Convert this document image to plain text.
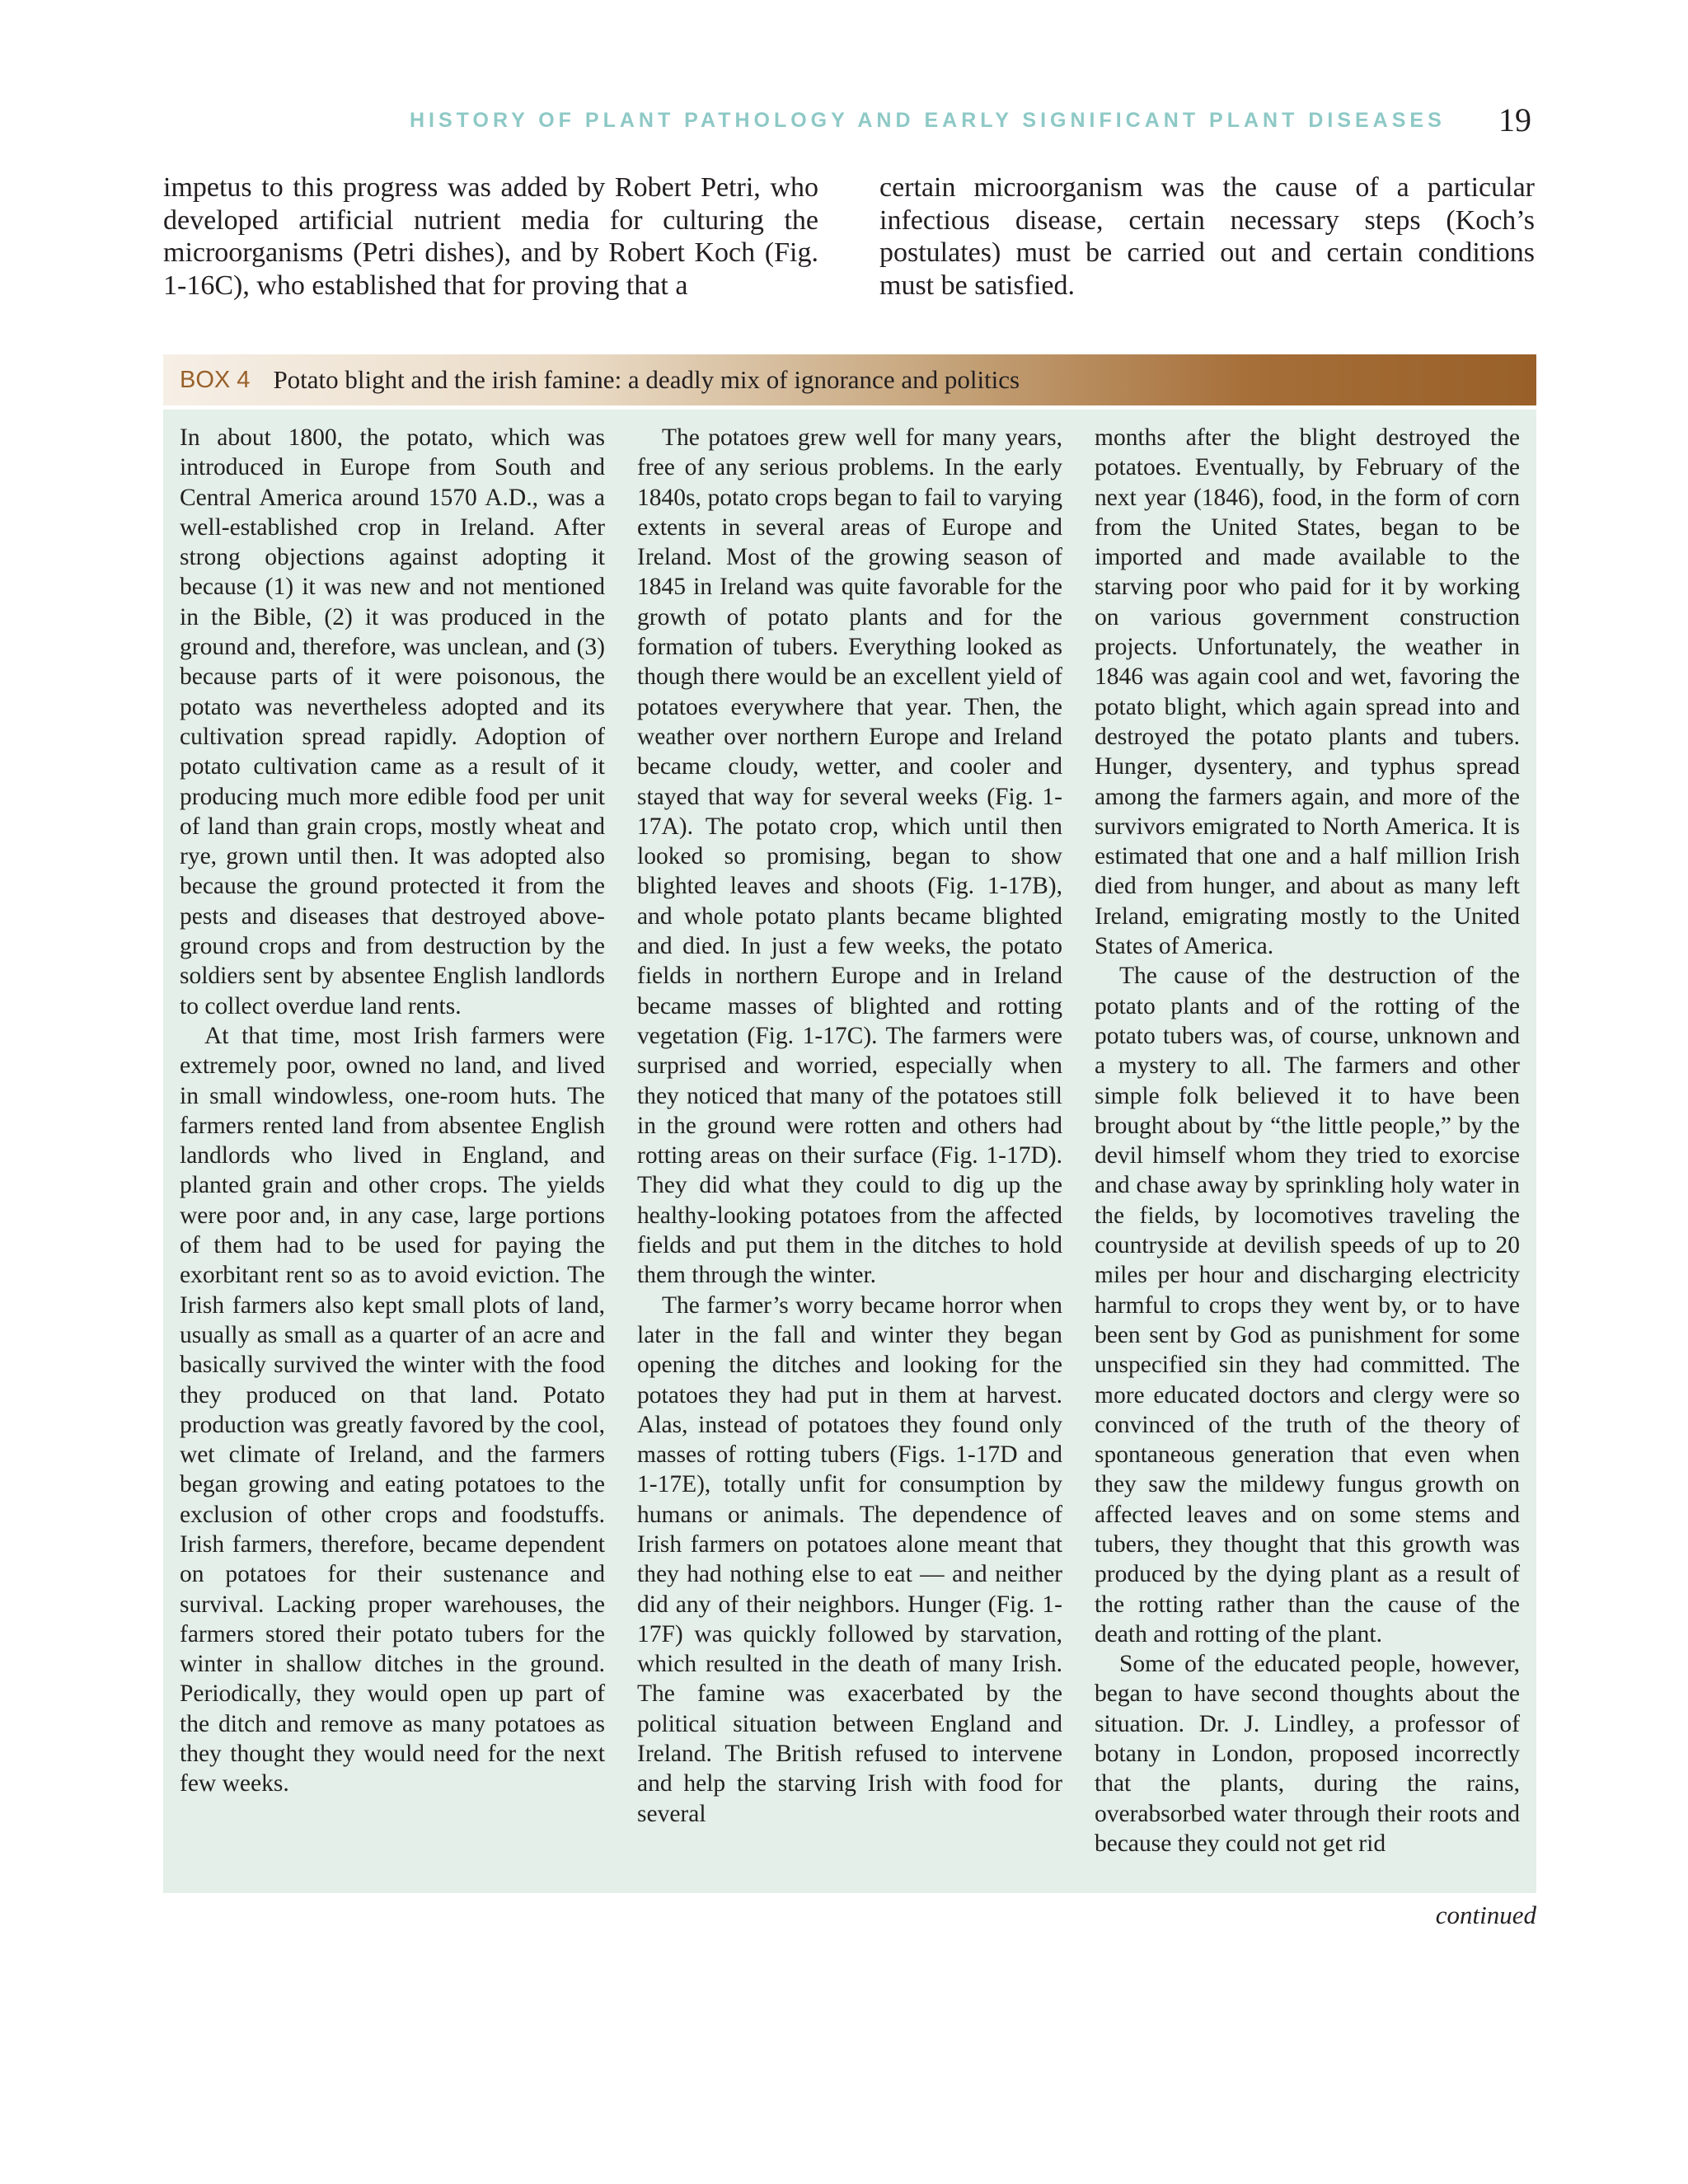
HISTORY OF PLANT PATHOLOGY AND EARLY SIGNIFICANT PLANT DISEASES 19
impetus to this progress was added by Robert Petri, who developed artificial nutrient media for culturing the microorganisms (Petri dishes), and by Robert Koch (Fig. 1-16C), who established that for proving that a
certain microorganism was the cause of a particular infectious disease, certain necessary steps (Koch’s postulates) must be carried out and certain conditions must be satisfied.
BOX 4 Potato blight and the irish famine: a deadly mix of ignorance and politics

In about 1800, the potato, which was introduced in Europe from South and Central America around 1570 A.D., was a well-established crop in Ireland. After strong objections against adopting it because (1) it was new and not mentioned in the Bible, (2) it was produced in the ground and, therefore, was unclean, and (3) because parts of it were poisonous, the potato was nevertheless adopted and its cultivation spread rapidly. Adoption of potato cultivation came as a result of it producing much more edible food per unit of land than grain crops, mostly wheat and rye, grown until then. It was adopted also because the ground protected it from the pests and diseases that destroyed above-ground crops and from destruction by the soldiers sent by absentee English landlords to collect overdue land rents.

At that time, most Irish farmers were extremely poor, owned no land, and lived in small windowless, one-room huts. The farmers rented land from absentee English landlords who lived in England, and planted grain and other crops. The yields were poor and, in any case, large portions of them had to be used for paying the exorbitant rent so as to avoid eviction. The Irish farmers also kept small plots of land, usually as small as a quarter of an acre and basically survived the winter with the food they produced on that land. Potato production was greatly favored by the cool, wet climate of Ireland, and the farmers began growing and eating potatoes to the exclusion of other crops and foodstuffs. Irish farmers, therefore, became dependent on potatoes for their sustenance and survival. Lacking proper warehouses, the farmers stored their potato tubers for the winter in shallow ditches in the ground. Periodically, they would open up part of the ditch and remove as many potatoes as they thought they would need for the next few weeks.

The potatoes grew well for many years, free of any serious problems. In the early 1840s, potato crops began to fail to varying extents in several areas of Europe and Ireland. Most of the growing season of 1845 in Ireland was quite favorable for the growth of potato plants and for the formation of tubers. Everything looked as though there would be an excellent yield of potatoes everywhere that year. Then, the weather over northern Europe and Ireland became cloudy, wetter, and cooler and stayed that way for several weeks (Fig. 1-17A). The potato crop, which until then looked so promising, began to show blighted leaves and shoots (Fig. 1-17B), and whole potato plants became blighted and died. In just a few weeks, the potato fields in northern Europe and in Ireland became masses of blighted and rotting vegetation (Fig. 1-17C). The farmers were surprised and worried, especially when they noticed that many of the potatoes still in the ground were rotten and others had rotting areas on their surface (Fig. 1-17D). They did what they could to dig up the healthy-looking potatoes from the affected fields and put them in the ditches to hold them through the winter.

The farmer’s worry became horror when later in the fall and winter they began opening the ditches and looking for the potatoes they had put in them at harvest. Alas, instead of potatoes they found only masses of rotting tubers (Figs. 1-17D and 1-17E), totally unfit for consumption by humans or animals. The dependence of Irish farmers on potatoes alone meant that they had nothing else to eat — and neither did any of their neighbors. Hunger (Fig. 1-17F) was quickly followed by starvation, which resulted in the death of many Irish. The famine was exacerbated by the political situation between England and Ireland. The British refused to intervene and help the starving Irish with food for several

months after the blight destroyed the potatoes. Eventually, by February of the next year (1846), food, in the form of corn from the United States, began to be imported and made available to the starving poor who paid for it by working on various government construction projects. Unfortunately, the weather in 1846 was again cool and wet, favoring the potato blight, which again spread into and destroyed the potato plants and tubers. Hunger, dysentery, and typhus spread among the farmers again, and more of the survivors emigrated to North America. It is estimated that one and a half million Irish died from hunger, and about as many left Ireland, emigrating mostly to the United States of America.

The cause of the destruction of the potato plants and of the rotting of the potato tubers was, of course, unknown and a mystery to all. The farmers and other simple folk believed it to have been brought about by “the little people,” by the devil himself whom they tried to exorcise and chase away by sprinkling holy water in the fields, by locomotives traveling the countryside at devilish speeds of up to 20 miles per hour and discharging electricity harmful to crops they went by, or to have been sent by God as punishment for some unspecified sin they had committed. The more educated doctors and clergy were so convinced of the truth of the theory of spontaneous generation that even when they saw the mildewy fungus growth on affected leaves and on some stems and tubers, they thought that this growth was produced by the dying plant as a result of the rotting rather than the cause of the death and rotting of the plant.

Some of the educated people, however, began to have second thoughts about the situation. Dr. J. Lindley, a professor of botany in London, proposed incorrectly that the plants, during the rains, overabsorbed water through their roots and because they could not get rid

continued
